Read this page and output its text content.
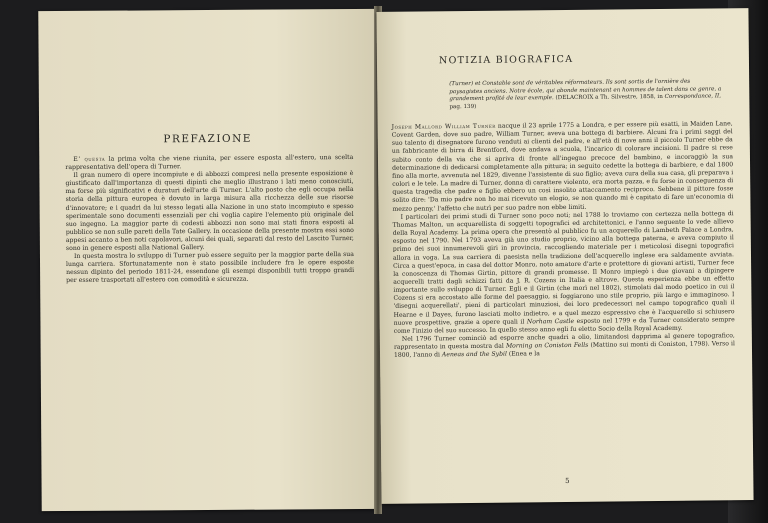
PREFAZIONE

E' questa la prima volta che viene riunita, per essere esposta all'estero, una scelta rappresentativa dell'opera di Turner.

Il gran numero di opere incompiute e di abbozzi compresi nella presente esposizione è giustificato dall'importanza di questi dipinti che meglio illustrano i lati meno conosciuti, ma forse più significativi e duraturi dell'arte di Turner. L'alto posto che egli occupa nella storia della pittura europea è dovuto in larga misura alla ricchezza delle sue risorse d'innovatore; e i quadri da lui stesso legati alla Nazione in uno stato incompiuto e spesso sperimentale sono documenti essenziali per chi voglia capire l'elemento più originale del suo ingegno. La maggior parte di codesti abbozzi non sono mai stati finora esposti al pubblico se non sulle pareti della Tate Gallery. In occasione della presente mostra essi sono appesi accanto a ben noti capolavori, alcuni dei quali, separati dal resto del Lascito Turner, sono in genere esposti alla National Gallery.

In questa mostra lo sviluppo di Turner può essere seguito per la maggior parte della sua lunga carriera. Sfortunatamente non è stato possibile includere fra le opere esposte nessun dipinto del periodo 1811-24, essendone gli esempi disponibili tutti troppo grandi per essere trasportati all'estero con comodità e sicurezza.

NOTIZIA BIOGRAFICA
(Turner) et Constable sont de véritables réformateurs. Ils sont sortis de l'ornière des paysagistes anciens. Notre école, qui abonde maintenant en hommes de talent dans ce genre, a grandement profité de leur exemple. (DELACROIX a Th. Silvestre, 1858, in Correspondance, II, pag. 139)

Joseph Mallord William Turner nacque il 23 aprile 1775 a Londra, e per essere più esatti, in Maiden Lane, Covent Garden, dove suo padre, William Turner, aveva una bottega di barbiere. Alcuni fra i primi saggi del suo talento di disegnatore furono venduti ai clienti del padre, e all'età di nove anni il piccolo Turner ebbe da un fabbricante di birra di Brentford, dove andava a scuola, l'incarico di colorare incisioni. Il padre si rese subito conto della via che si apriva di fronte all'ingegno precoce del bambino, e incoraggiò la sua determinazione di dedicarsi completamente alla pittura; in seguito cedette la bottega di barbiere, e dal 1800 fino alla morte, avvenuta nel 1829, divenne l'assistente di suo figlio; aveva cura della sua casa, gli preparava i colori e le tele. La madre di Turner, donna di carattere violento, era morta pazza, e fu forse in conseguenza di questa tragedia che padre e figlio ebbero un così insolito attaccamento reciproco. Sebbene il pittore fosse solito dire: 'Da mio padre non ho mai ricevuto un elogio, se non quando mi è capitato di fare un'economia di mezzo penny,' l'affetto che nutrì per suo padre non ebbe limiti.

I particolari dei primi studi di Turner sono poco noti; nel 1788 lo troviamo con certezza nella bottega di Thomas Malton, un acquarellista di soggetti topografici ed architettonici, e l'anno seguente lo vede allievo della Royal Academy. La prima opera che presentò al pubblico fu un acquerello di Lambeth Palace a Londra, esposto nel 1790. Nel 1793 aveva già uno studio proprio, vicino alla bottega paterna, e aveva compiuto il primo dei suoi innumerevoli giri in provincia, raccogliendo materiale per i meticolosi disegni topografici allora in voga. La sua carriera di paesista nella tradizione dell'acquerello inglese era saldamente avviata. Circa a quest'epoca, in casa del dottor Monro, noto amatore d'arte e protettore di giovani artisti, Turner fece la conoscenza di Thomas Girtin, pittore di grandi promesse. Il Monro impiegò i due giovani a dipingere acquerelli tratti dagli schizzi fatti da J. R. Cozens in Italia e altrove. Questa esperienza ebbe un effetto importante sullo sviluppo di Turner. Egli e il Girtin (che morì nel 1802), stimolati dal modo poetico in cui il Cozens si era accostato alle forme del paesaggio, si foggiarono uno stile proprio, più largo e immaginoso. I 'disegni acquerellati', pieni di particolari minuziosi, dei loro predecessori nel campo topografico quali il Hearne e il Dayes, furono lasciati molto indietro, e a quel mezzo espressivo che è l'acquerello si schiusero nuove prospettive, grazie a opere quali il Norham Castle esposto nel 1799 e da Turner considerato sempre come l'inizio del suo successo. In quello stesso anno egli fu eletto Socio della Royal Academy.

Nel 1796 Turner cominciò ad esporre anche quadri a olio, limitandosi dapprima al genere topografico, rappresentato in questa mostra dal Morning on Coniston Fells (Mattino sui monti di Coniston, 1798). Verso il 1800, l'anno di Aeneas and the Sybil (Enea e la

5
